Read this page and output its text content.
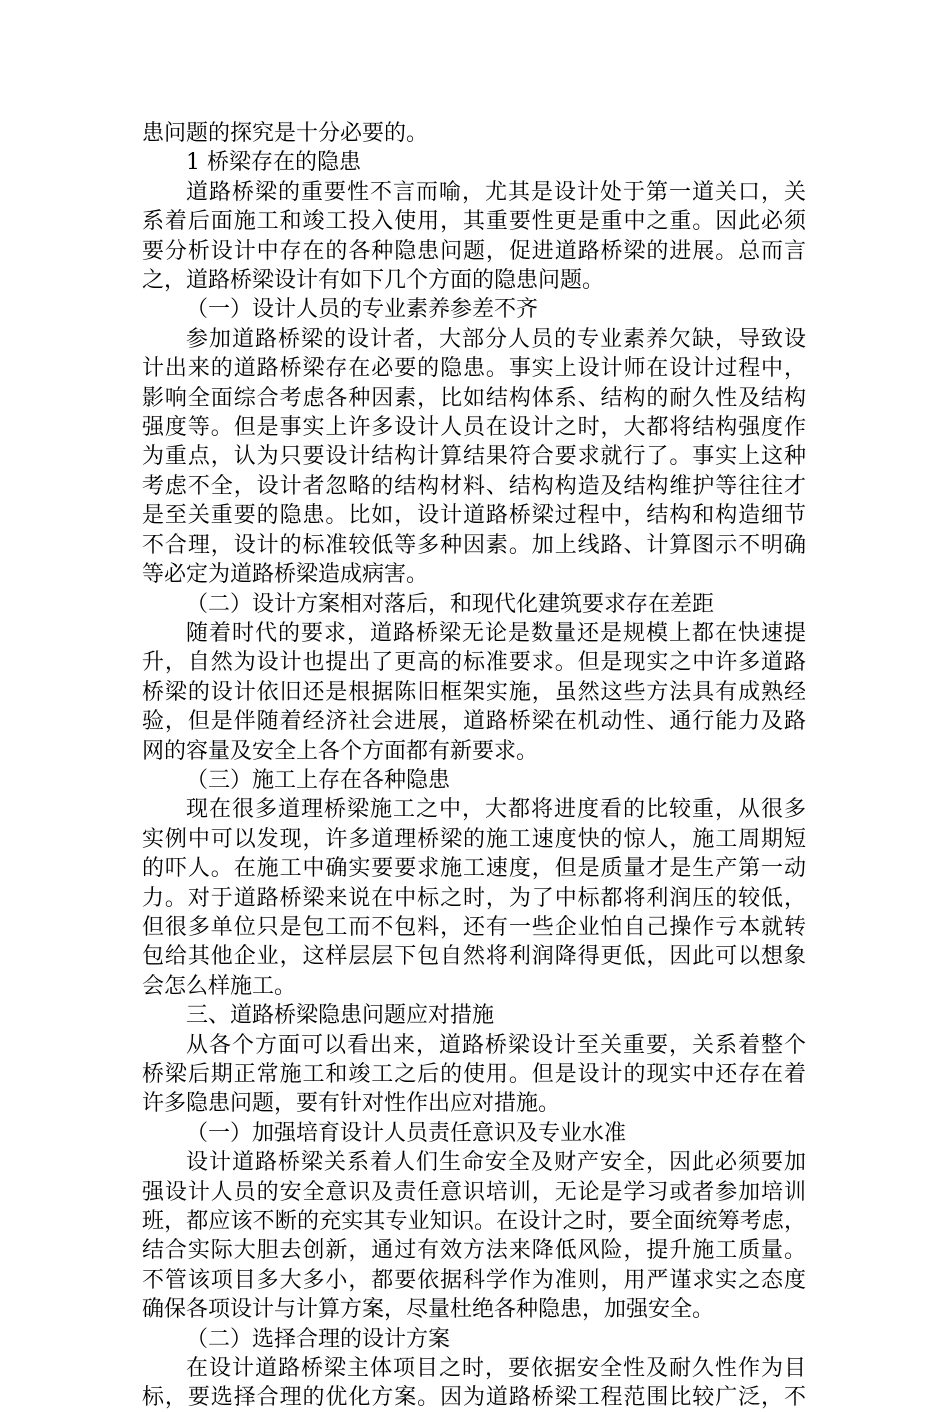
患问题的探究是十分必要的。
1 桥梁存在的隐患
道路桥梁的重要性不言而喻，尤其是设计处于第一道关口，关
系着后面施工和竣工投入使用，其重要性更是重中之重。因此必须
要分析设计中存在的各种隐患问题，促进道路桥梁的进展。总而言
之，道路桥梁设计有如下几个方面的隐患问题。
（一）设计人员的专业素养参差不齐
参加道路桥梁的设计者，大部分人员的专业素养欠缺，导致设
计出来的道路桥梁存在必要的隐患。事实上设计师在设计过程中，
影响全面综合考虑各种因素，比如结构体系、结构的耐久性及结构
强度等。但是事实上许多设计人员在设计之时，大都将结构强度作
为重点，认为只要设计结构计算结果符合要求就行了。事实上这种
考虑不全，设计者忽略的结构材料、结构构造及结构维护等往往才
是至关重要的隐患。比如，设计道路桥梁过程中，结构和构造细节
不合理，设计的标准较低等多种因素。加上线路、计算图示不明确
等必定为道路桥梁造成病害。
（二）设计方案相对落后，和现代化建筑要求存在差距
随着时代的要求，道路桥梁无论是数量还是规模上都在快速提
升，自然为设计也提出了更高的标准要求。但是现实之中许多道路
桥梁的设计依旧还是根据陈旧框架实施，虽然这些方法具有成熟经
验，但是伴随着经济社会进展，道路桥梁在机动性、通行能力及路
网的容量及安全上各个方面都有新要求。
（三）施工上存在各种隐患
现在很多道理桥梁施工之中，大都将进度看的比较重，从很多
实例中可以发现，许多道理桥梁的施工速度快的惊人，施工周期短
的吓人。在施工中确实要要求施工速度，但是质量才是生产第一动
力。对于道路桥梁来说在中标之时，为了中标都将利润压的较低，
但很多单位只是包工而不包料，还有一些企业怕自己操作亏本就转
包给其他企业，这样层层下包自然将利润降得更低，因此可以想象
会怎么样施工。
三、道路桥梁隐患问题应对措施
从各个方面可以看出来，道路桥梁设计至关重要，关系着整个
桥梁后期正常施工和竣工之后的使用。但是设计的现实中还存在着
许多隐患问题，要有针对性作出应对措施。
（一）加强培育设计人员责任意识及专业水准
设计道路桥梁关系着人们生命安全及财产安全，因此必须要加
强设计人员的安全意识及责任意识培训，无论是学习或者参加培训
班，都应该不断的充实其专业知识。在设计之时，要全面统筹考虑，
结合实际大胆去创新，通过有效方法来降低风险，提升施工质量。
不管该项目多大多小，都要依据科学作为准则，用严谨求实之态度
确保各项设计与计算方案，尽量杜绝各种隐患，加强安全。
（二）选择合理的设计方案
在设计道路桥梁主体项目之时，要依据安全性及耐久性作为目
标，要选择合理的优化方案。因为道路桥梁工程范围比较广泛，不
